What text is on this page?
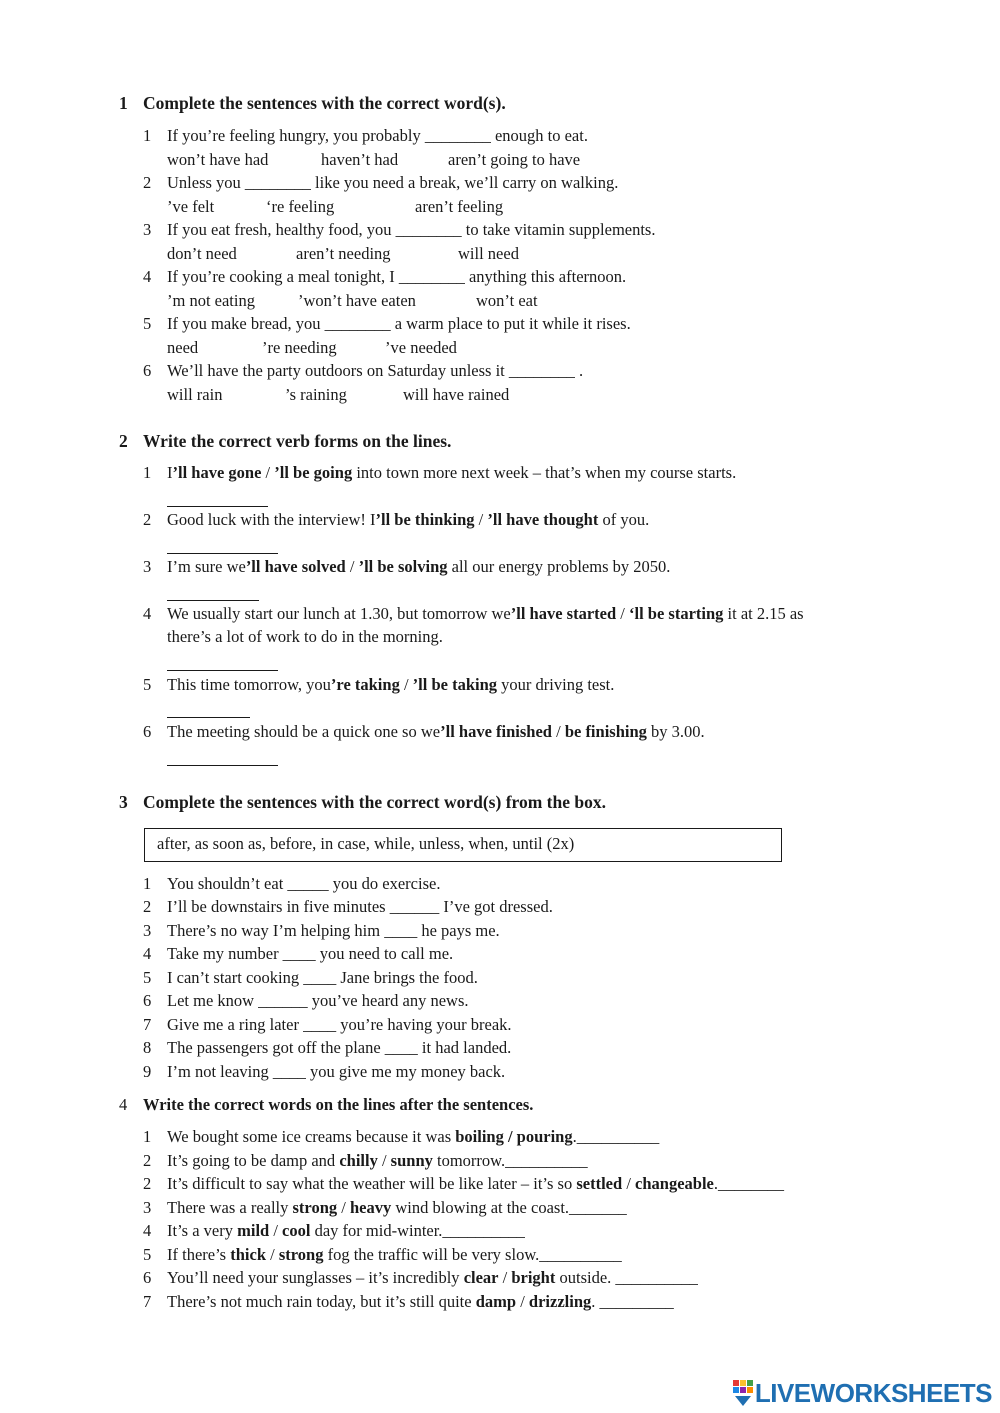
1 Complete the sentences with the correct word(s).
1 If you’re feeling hungry, you probably ________ enough to eat.
won’t have had	haven’t had	aren’t going to have
2 Unless you ________ like you need a break, we’ll carry on walking.
’ve felt	‘re feeling	aren’t feeling
3 If you eat fresh, healthy food, you ________ to take vitamin supplements.
don’t need	aren’t needing	will need
4 If you’re cooking a meal tonight, I ________ anything this afternoon.
’m not eating	’won’t have eaten	won’t eat
5 If you make bread, you ________ a warm place to put it while it rises.
need	’re needing	’ve needed
6 We’ll have the party outdoors on Saturday unless it ________ .
will rain	’s raining	will have rained
2 Write the correct verb forms on the lines.
1 I’ll have gone / ’ll be going into town more next week – that’s when my course starts.
2 Good luck with the interview! I’ll be thinking / ’ll have thought of you.
3 I’m sure we’ll have solved / ’ll be solving all our energy problems by 2050.
4 We usually start our lunch at 1.30, but tomorrow we’ll have started / ‘ll be starting it at 2.15 as
there’s a lot of work to do in the morning.
5 This time tomorrow, you’re taking / ’ll be taking your driving test.
6 The meeting should be a quick one so we’ll have finished / be finishing by 3.00.
3 Complete the sentences with the correct word(s) from the box.
after, as soon as, before, in case, while, unless, when, until (2x)
1 You shouldn’t eat _____ you do exercise.
2 I’ll be downstairs in five minutes ______ I’ve got dressed.
3 There’s no way I’m helping him ____ he pays me.
4 Take my number ____ you need to call me.
5 I can’t start cooking ____ Jane brings the food.
6 Let me know ______ you’ve heard any news.
7 Give me a ring later ____ you’re having your break.
8 The passengers got off the plane ____ it had landed.
9 I’m not leaving ____ you give me my money back.
4 Write the correct words on the lines after the sentences.
1 We bought some ice creams because it was boiling / pouring.__________
2 It’s going to be damp and chilly / sunny tomorrow.__________
2 It’s difficult to say what the weather will be like later – it’s so settled / changeable.________
3 There was a really strong / heavy wind blowing at the coast._______
4 It’s a very mild / cool day for mid-winter.__________
5 If there’s thick / strong fog the traffic will be very slow.__________
6 You’ll need your sunglasses – it’s incredibly clear / bright outside. __________
7 There’s not much rain today, but it’s still quite damp / drizzling. _________
LIVEWORKSHEETS
